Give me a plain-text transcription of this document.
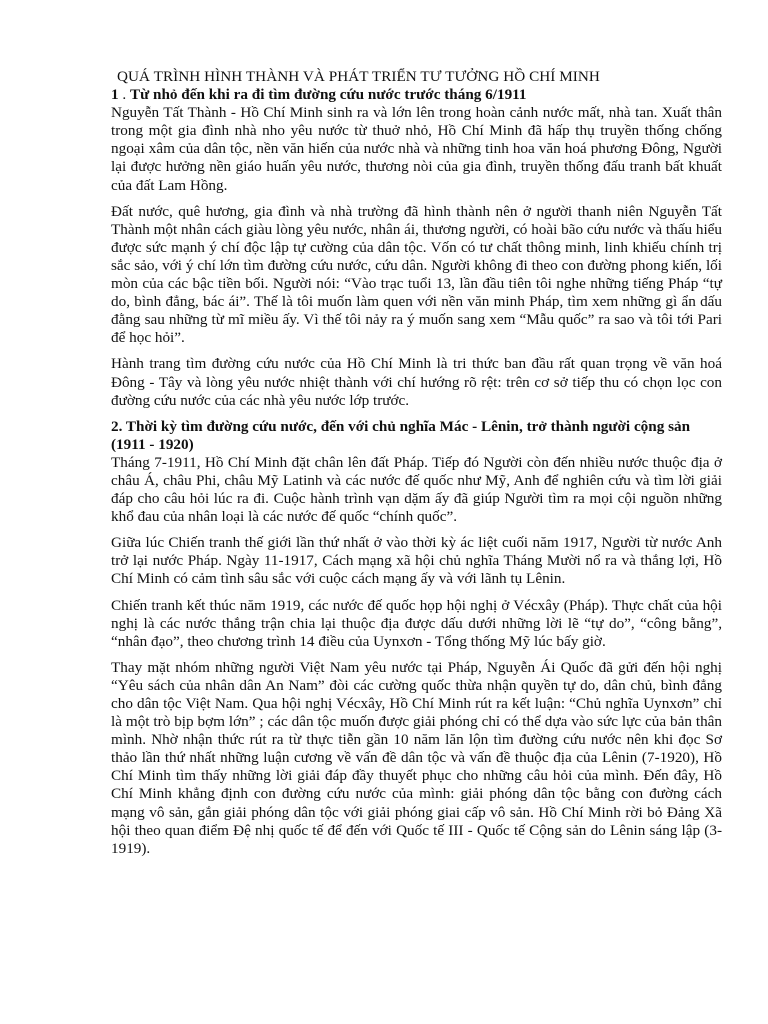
QUÁ TRÌNH HÌNH THÀNH VÀ PHÁT TRIỂN TƯ TƯỞNG HỒ CHÍ MINH
1 . Từ nhỏ đến khi ra đi tìm đường cứu nước trước tháng 6/1911

Nguyễn Tất Thành - Hồ Chí Minh sinh ra và lớn lên trong hoàn cảnh nước mất, nhà tan. Xuất thân trong một gia đình nhà nho yêu nước từ thuở nhỏ, Hồ Chí Minh đã hấp thụ truyền thống chống ngoại xâm của dân tộc, nền văn hiến của nước nhà và những tinh hoa văn hoá phương Đông, Người lại được hưởng nền giáo huấn yêu nước, thương nòi của gia đình, truyền thống đấu tranh bất khuất của đất Lam Hồng.

Đất nước, quê hương, gia đình và nhà trường đã hình thành nên ở người thanh niên Nguyễn Tất Thành một nhân cách giàu lòng yêu nước, nhân ái, thương người, có hoài bão cứu nước và thấu hiểu được sức mạnh ý chí độc lập tự cường của dân tộc. Vốn có tư chất thông minh, linh khiếu chính trị sắc sảo, với ý chí lớn tìm đường cứu nước, cứu dân. Người không đi theo con đường phong kiến, lối mòn của các bậc tiền bối. Người nói: “Vào trạc tuổi 13, lần đầu tiên tôi nghe những tiếng Pháp “tự do, bình đẳng, bác ái”. Thế là tôi muốn làm quen với nền văn minh Pháp, tìm xem những gì ẩn dấu đằng sau những từ mĩ miều ấy. Vì thế tôi nảy ra ý muốn sang xem “Mẫu quốc” ra sao và tôi tới Pari để học hỏi”.

Hành trang tìm đường cứu nước của Hồ Chí Minh là tri thức ban đầu rất quan trọng về văn hoá Đông - Tây và lòng yêu nước nhiệt thành với chí hướng rõ rệt: trên cơ sở tiếp thu có chọn lọc con đường cứu nước của các nhà yêu nước lớp trước.

2. Thời kỳ tìm đường cứu nước, đến với chủ nghĩa Mác - Lênin, trở thành người cộng sản (1911 - 1920)

Tháng 7-1911, Hồ Chí Minh đặt chân lên đất Pháp. Tiếp đó Người còn đến nhiều nước thuộc địa ở châu Á, châu Phi, châu Mỹ Latinh và các nước đế quốc như Mỹ, Anh để nghiên cứu và tìm lời giải đáp cho câu hỏi lúc ra đi. Cuộc hành trình vạn dặm ấy đã giúp Người tìm ra mọi cội nguồn những khổ đau của nhân loại là các nước đế quốc “chính quốc”.

Giữa lúc Chiến tranh thế giới lần thứ nhất ở vào thời kỳ ác liệt cuối năm 1917, Người từ nước Anh trở lại nước Pháp. Ngày 11-1917, Cách mạng xã hội chủ nghĩa Tháng Mười nổ ra và thắng lợi, Hồ Chí Minh có cảm tình sâu sắc với cuộc cách mạng ấy và với lãnh tụ Lênin.

Chiến tranh kết thúc năm 1919, các nước đế quốc họp hội nghị ở Vécxây (Pháp). Thực chất của hội nghị là các nước thắng trận chia lại thuộc địa được dấu dưới những lời lẽ “tự do”, “công bằng”, “nhân đạo”, theo chương trình 14 điều của Uynxơn - Tổng thống Mỹ lúc bấy giờ.

Thay mặt nhóm những người Việt Nam yêu nước tại Pháp, Nguyễn Ái Quốc đã gửi đến hội nghị “Yêu sách của nhân dân An Nam” đòi các cường quốc thừa nhận quyền tự do, dân chủ, bình đẳng cho dân tộc Việt Nam. Qua hội nghị Vécxây, Hồ Chí Minh rút ra kết luận: “Chủ nghĩa Uynxơn” chỉ là một trò bịp bợm lớn” ; các dân tộc muốn được giải phóng chỉ có thể dựa vào sức lực của bản thân mình. Nhờ nhận thức rút ra từ thực tiễn gần 10 năm lăn lộn tìm đường cứu nước nên khi đọc Sơ thảo lần thứ nhất những luận cương về vấn đề dân tộc và vấn đề thuộc địa của Lênin (7-1920), Hồ Chí Minh tìm thấy những lời giải đáp đầy thuyết phục cho những câu hỏi của mình. Đến đây, Hồ Chí Minh khẳng định con đường cứu nước của mình: giải phóng dân tộc bằng con đường cách mạng vô sản, gắn giải phóng dân tộc với giải phóng giai cấp vô sản. Hồ Chí Minh rời bỏ Đảng Xã hội theo quan điểm Đệ nhị quốc tế để đến với Quốc tế III - Quốc tế Cộng sản do Lênin sáng lập (3-1919).
